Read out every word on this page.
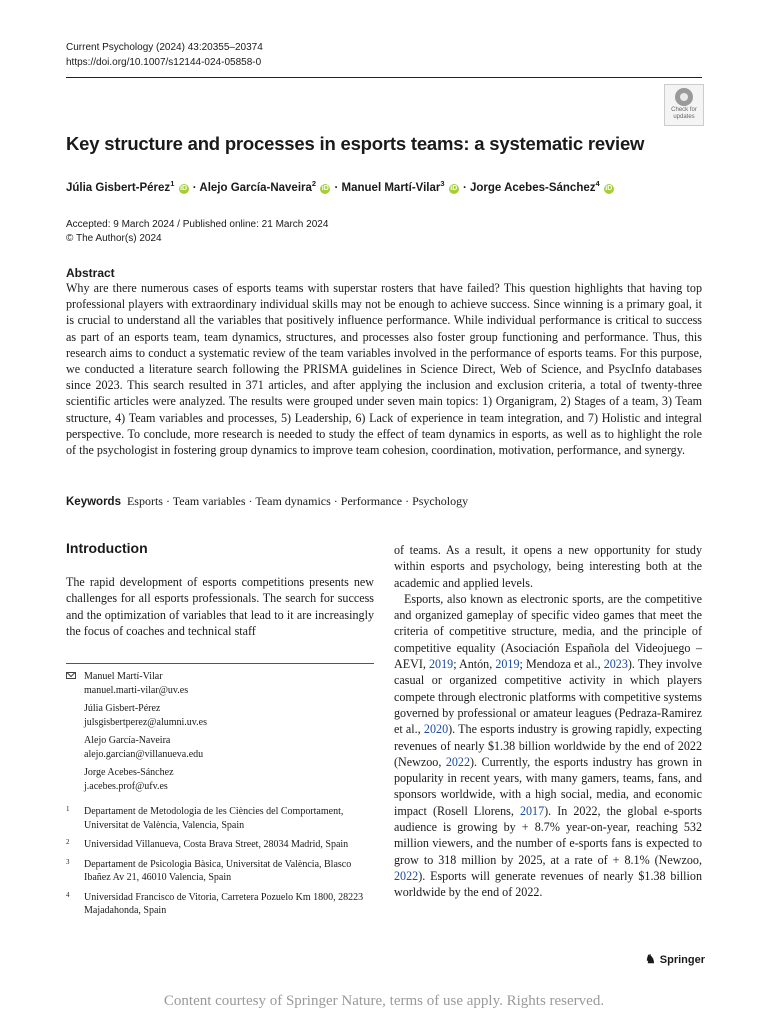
Current Psychology (2024) 43:20355–20374
https://doi.org/10.1007/s12144-024-05858-0
Check for updates
Key structure and processes in esports teams: a systematic review
Júlia Gisbert-Pérez$^1$ iD · Alejo García-Naveira$^2$ iD · Manuel Martí-Vilar$^3$ iD · Jorge Acebes-Sánchez$^4$ iD
Accepted: 9 March 2024 / Published online: 21 March 2024
© The Author(s) 2024
Abstract
Why are there numerous cases of esports teams with superstar rosters that have failed? This question highlights that having top professional players with extraordinary individual skills may not be enough to achieve success. Since winning is a primary goal, it is crucial to understand all the variables that positively influence performance. While individual performance is critical to success as part of an esports team, team dynamics, structures, and processes also foster group functioning and performance. Thus, this research aims to conduct a systematic review of the team variables involved in the performance of esports teams. For this purpose, we conducted a literature search following the PRISMA guidelines in Science Direct, Web of Science, and PsycInfo databases since 2023. This search resulted in 371 articles, and after applying the inclusion and exclusion criteria, a total of twenty-three scientific articles were analyzed. The results were grouped under seven main topics: 1) Organigram, 2) Stages of a team, 3) Team structure, 4) Team variables and processes, 5) Leadership, 6) Lack of experience in team integration, and 7) Holistic and integral perspective. To conclude, more research is needed to study the effect of team dynamics in esports, as well as to highlight the role of the psychologist in fostering group dynamics to improve team cohesion, coordination, motivation, performance, and synergy.
Keywords Esports · Team variables · Team dynamics · Performance · Psychology
Introduction
The rapid development of esports competitions presents new challenges for all esports professionals. The search for success and the optimization of variables that lead to it are increasingly the focus of coaches and technical staff
Manuel Martí-Vilar
manuel.marti-vilar@uv.es
Júlia Gisbert-Pérez
julsgisbertperez@alumni.uv.es
Alejo García-Naveira
alejo.garcian@villanueva.edu
Jorge Acebes-Sánchez
j.acebes.prof@ufv.es
1 Departament de Metodologia de les Ciències del Comportament, Universitat de València, Valencia, Spain
2 Universidad Villanueva, Costa Brava Street, 28034 Madrid, Spain
3 Departament de Psicologia Bàsica, Universitat de València, Blasco Ibañez Av 21, 46010 Valencia, Spain
4 Universidad Francisco de Vitoria, Carretera Pozuelo Km 1800, 28223 Majadahonda, Spain

of teams. As a result, it opens a new opportunity for study within esports and psychology, being interesting both at the academic and applied levels.

Esports, also known as electronic sports, are the competitive and organized gameplay of specific video games that meet the criteria of competitive structure, media, and the principle of competitive equality (Asociación Española del Videojuego – AEVI, 2019; Antón, 2019; Mendoza et al., 2023). They involve casual or organized competitive activity in which players compete through electronic platforms with competitive systems governed by professional or amateur leagues (Pedraza-Ramirez et al., 2020). The esports industry is growing rapidly, expecting revenues of nearly $1.38 billion worldwide by the end of 2022 (Newzoo, 2022). Currently, the esports industry has grown in popularity in recent years, with many gamers, teams, fans, and sponsors worldwide, with a high social, media, and economic impact (Rosell Llorens, 2017). In 2022, the global e-sports audience is growing by + 8.7% year-on-year, reaching 532 million viewers, and the number of e-sports fans is expected to grow to 318 million by 2025, at a rate of + 8.1% (Newzoo, 2022). Esports will generate revenues of nearly $1.38 billion worldwide by the end of 2022.

♞ Springer
Content courtesy of Springer Nature, terms of use apply. Rights reserved.
